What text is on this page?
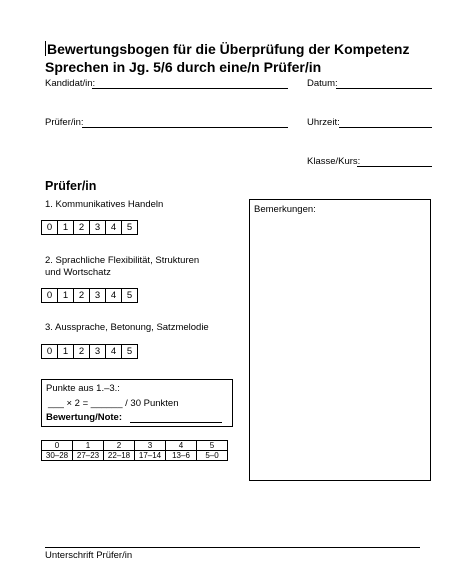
Bewertungsbogen für die Überprüfung der Kompetenz Sprechen in Jg. 5/6 durch eine/n Prüfer/in
Kandidat/in:	Datum:
Prüfer/in:	Uhrzeit:
Klasse/Kurs:
Prüfer/in
1. Kommunikatives Handeln
0	1	2	3	4	5
2. Sprachliche Flexibilität, Strukturen und Wortschatz
0	1	2	3	4	5
3. Aussprache, Betonung, Satzmelodie
0	1	2	3	4	5
Bemerkungen:
Punkte aus 1.–3.:
___ × 2 = ______ / 30 Punkten
Bewertung/Note:
0	1	2	3	4	5
30–28	27–23	22–18	17–14	13–6	5–0
Unterschrift Prüfer/in
